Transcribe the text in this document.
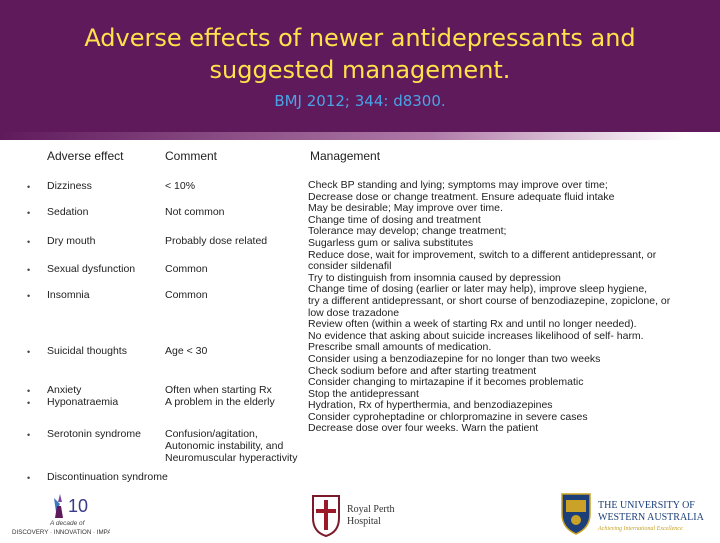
Adverse effects of newer antidepressants and
suggested management.
BMJ 2012; 344: d8300.
Adverse effect	Comment	Management
•
•
•
•
•
•
•
•
•
•
Dizziness
Sedation
Dry mouth
Sexual dysfunction
Insomnia
Suicidal thoughts
Anxiety
Hyponatraemia
Serotonin syndrome
Discontinuation syndrome
< 10%
Not common
Probably dose related
Common
Common
Age < 30
Often when starting Rx
A problem in the elderly
Confusion/agitation,
Autonomic instability, and
Neuromuscular hyperactivity
Check BP standing and lying; symptoms may improve over time;
Decrease dose or change treatment. Ensure adequate fluid intake
May be desirable; May improve over time.
Change time of dosing and treatment
Tolerance may develop; change treatment;
Sugarless gum or saliva substitutes
Reduce dose, wait for improvement, switch to a different antidepressant, or
consider sildenafil
Try to distinguish from insomnia caused by depression
Change time of dosing (earlier or later may help), improve sleep hygiene,
try a different antidepressant, or short course of benzodiazepine, zopiclone, or
low dose trazadone
Review often (within a week of starting Rx and until no longer needed).
No evidence that asking about suicide increases likelihood of self- harm.
Prescribe small amounts of medication.
Consider using a benzodiazepine for no longer than two weeks
Check sodium before and after starting treatment
Consider changing to mirtazapine if it becomes problematic
Stop the antidepressant
Hydration, Rx of hyperthermia, and benzodiazepines
Consider cyproheptadine or chlorpromazine in severe cases
Decrease dose over four weeks. Warn the patient
10
A decade of
DISCOVERY · INNOVATION · IMPACT
Royal Perth
Hospital
THE UNIVERSITY OF
WESTERN AUSTRALIA
Achieving International Excellence
